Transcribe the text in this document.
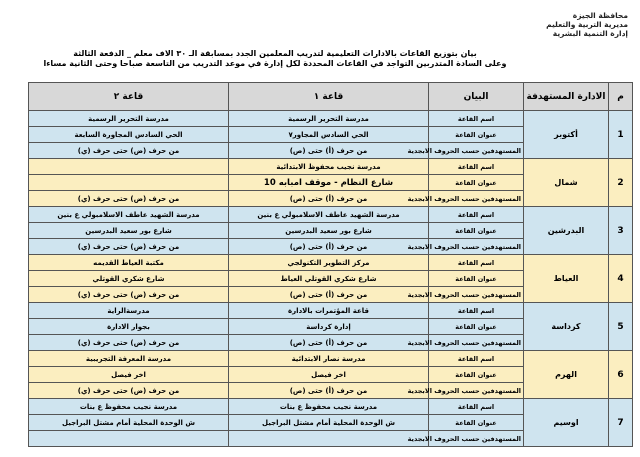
محافظة الجيزة
مديرية التربية والتعليم
إدارة التنمية البشرية
بيان بتوزيع القاعات بالادارات التعليمية لتدريب المعلمين الجدد بمسابقة الـ ٣٠ الاف معلم _ الدفعة الثالثة
وعلى السادة المتدربين التواجد في القاعات المحددة لكل إدارة في موعد التدريب من التاسعة صباحا وحتى الثانية مساءا
م	الادارة المستهدفة	البيان	قاعة ١	قاعة ٢
1	أكتوبر	اسم القاعة	مدرسة التحرير الرسمية	مدرسة التحرير الرسمية
		عنوان القاعة	الحي السادس المجاور٧	الحي السادس المجاورة السابعة
		المستهدفين حسب الحروف الابجدية	من حرف (أ) حتى (ص)	من حرف (ض) حتى حرف (ي)
2	شمال	اسم القاعة	مدرسة نجيب محفوظ الابتدائية	
		عنوان القاعة	شارع النظام - موقف امبابه 10	
		المستهدفين حسب الحروف الابجدية	من حرف (أ) حتى (ص)	من حرف (ض) حتى حرف (ي)
3	البدرشين	اسم القاعة	مدرسة الشهيد عاطف الاسلامبولي ع بنين	مدرسة الشهيد عاطف الاسلامبولي ع بنين
		عنوان القاعة	شارع بور سعيد البدرسين	شارع بور سعيد البدرسين
		المستهدفين حسب الحروف الابجدية	من حرف (أ) حتى (ص)	من حرف (ض) حتى حرف (ي)
4	العياط	اسم القاعة	مركز التطوير التكنولجي	مكتبة العياط القديمه
		عنوان القاعة	شارع شكري القوتلي العياط	شارع شكري القوتلي
		المستهدفين حسب الحروف الابجدية	من حرف (أ) حتى (ص)	من حرف (ض) حتى حرف (ي)
5	كرداسة	اسم القاعة	قاعة المؤتمرات بالادارة	مدرسةالراية
		عنوان القاعة	إدارة كرداسة	بجوار الادارة
		المستهدفين حسب الحروف الابجدية	من حرف (أ) حتى (ص)	من حرف (ض) حتى حرف (ي)
6	الهرم	اسم القاعة	مدرسة نصار الابتدائية	مدرسة المعرفة التجريبية
		عنوان القاعة	اخر فيصل	اخر فيصل
		المستهدفين حسب الحروف الابجدية	من حرف (أ) حتى (ص)	من حرف (ض) حتى حرف (ي)
7	اوسيم	اسم القاعة	مدرسة نجيب محفوظ ع بنات	مدرسة نجيب محفوظ ع بنات
		عنوان القاعة	ش الوحدة المحلية أمام مشتل البراجيل	ش الوحدة المحلية أمام مشتل البراجيل
		المستهدفين حسب الحروف الابجدية		
